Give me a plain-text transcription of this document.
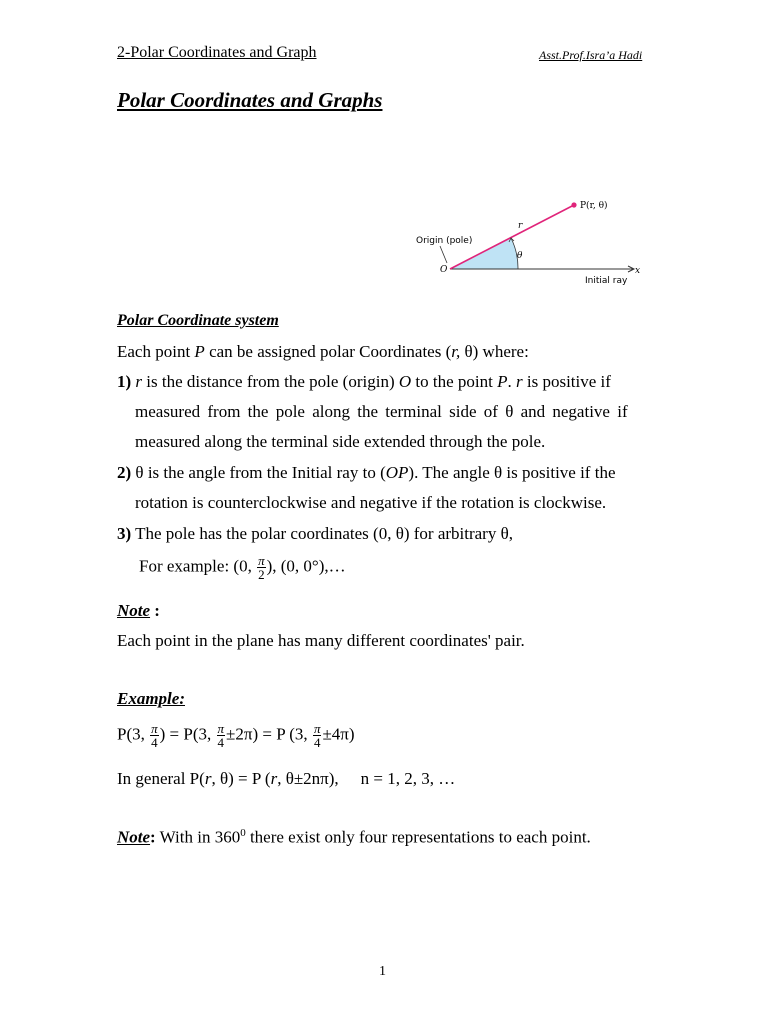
2-Polar Coordinates and Graph	Asst.Prof.Isra’a Hadi
Polar Coordinates and Graphs
P(r, θ)
r
θ
Origin (pole)
O	x
Initial ray
Polar Coordinate system
Each point P can be assigned polar Coordinates (r, θ) where:
1) r is the distance from the pole (origin) O to the point P. r is positive if
measured from the pole along the terminal side of θ and negative if
measured along the terminal side extended through the pole.
2) θ is the angle from the Initial ray to (OP). The angle θ is positive if the
rotation is counterclockwise and negative if the rotation is clockwise.
3) The pole has the polar coordinates (0, θ) for arbitrary θ,
For example: (0, $\frac{\pi}{2}$ ), (0, 0°),…
Note :
Each point in the plane has many different coordinates' pair.
Example:
P(3, $\frac{\pi}{4}$ ) = P(3, $\frac{\pi}{4} \pm 2\pi) = P$ (3, $\frac{\pi}{4} \pm 4\pi$)
In general P(r, θ) = P (r, θ±2nπ), n = 1, 2, 3, …
Note: With in $360^0$ there exist only four representations to each point.
1
